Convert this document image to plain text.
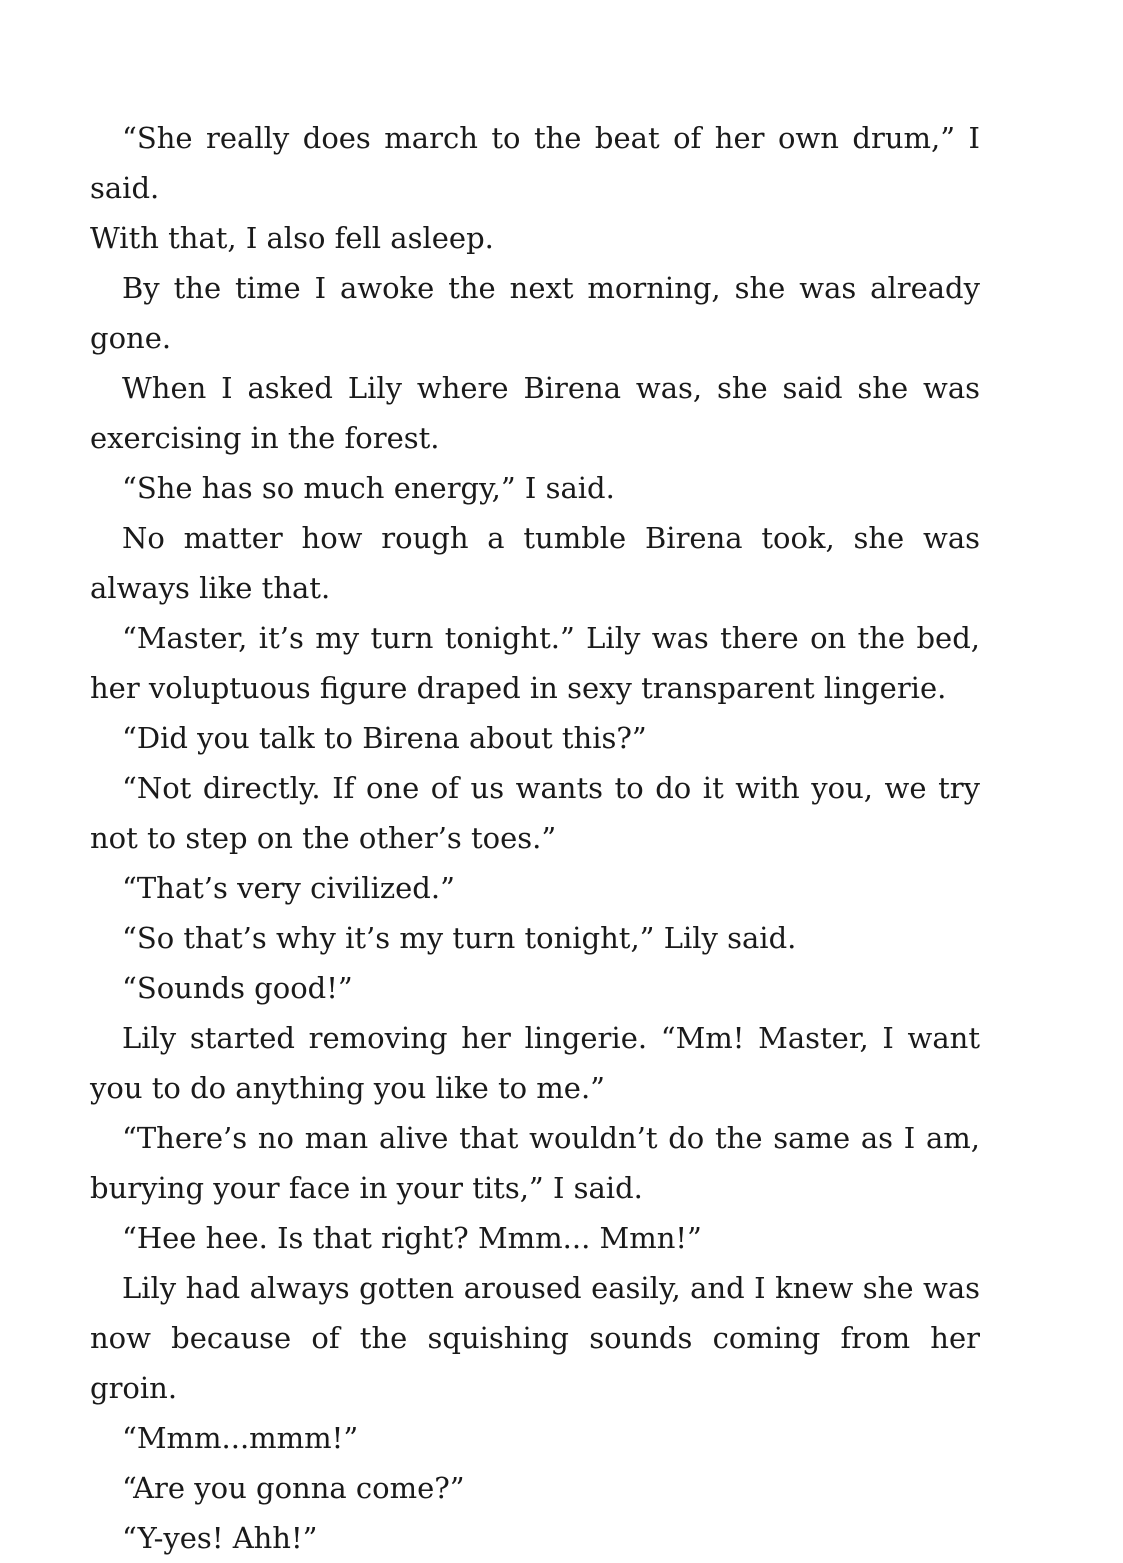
“She really does march to the beat of her own drum,” I said.

With that, I also fell asleep.

By the time I awoke the next morning, she was already gone.

When I asked Lily where Birena was, she said she was exercising in the forest.

“She has so much energy,” I said.

No matter how rough a tumble Birena took, she was always like that.

“Master, it’s my turn tonight.” Lily was there on the bed, her voluptuous figure draped in sexy transparent lingerie.

“Did you talk to Birena about this?”

“Not directly. If one of us wants to do it with you, we try not to step on the other’s toes.”

“That’s very civilized.”

“So that’s why it’s my turn tonight,” Lily said.

“Sounds good!”

Lily started removing her lingerie. “Mm! Master, I want you to do anything you like to me.”

“There’s no man alive that wouldn’t do the same as I am, burying your face in your tits,” I said.

“Hee hee. Is that right? Mmm... Mmn!”

Lily had always gotten aroused easily, and I knew she was now because of the squishing sounds coming from her groin.

“Mmm...mmm!”

“Are you gonna come?”

“Y-yes! Ahh!”
